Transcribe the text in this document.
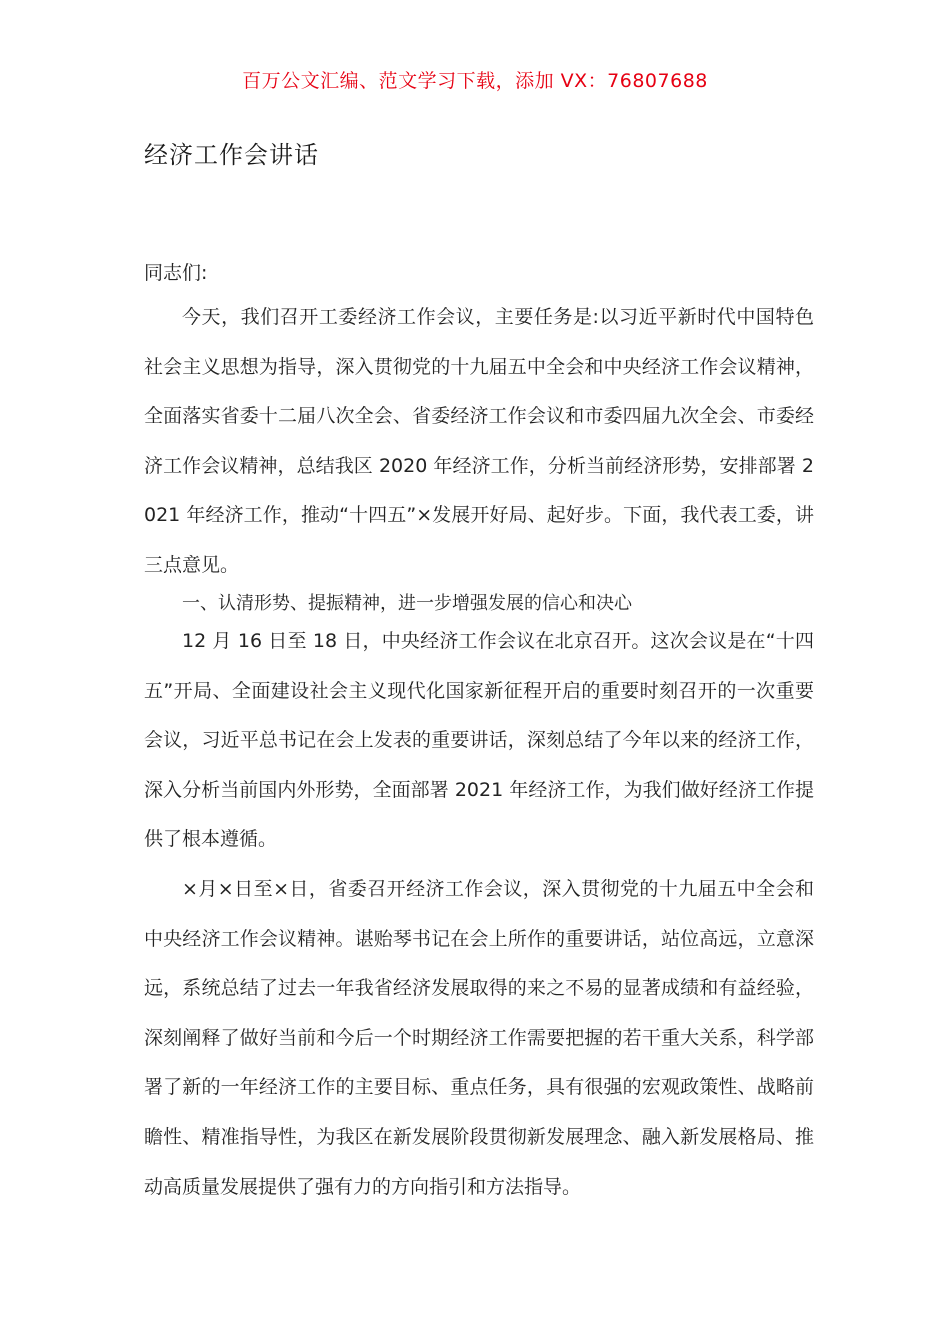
百万公文汇编、范文学习下载，添加 VX：76807688
经济工作会讲话
同志们:

今天，我们召开工委经济工作会议，主要任务是:以习近平新时代中国特色社会主义思想为指导，深入贯彻党的十九届五中全会和中央经济工作会议精神，全面落实省委十二届八次全会、省委经济工作会议和市委四届九次全会、市委经济工作会议精神，总结我区 2020 年经济工作，分析当前经济形势，安排部署 2021 年经济工作，推动“十四五”×发展开好局、起好步。下面，我代表工委，讲三点意见。

一、认清形势、提振精神，进一步增强发展的信心和决心

12 月 16 日至 18 日，中央经济工作会议在北京召开。这次会议是在“十四五”开局、全面建设社会主义现代化国家新征程开启的重要时刻召开的一次重要会议，习近平总书记在会上发表的重要讲话，深刻总结了今年以来的经济工作，深入分析当前国内外形势，全面部署 2021 年经济工作，为我们做好经济工作提供了根本遵循。

×月×日至×日，省委召开经济工作会议，深入贯彻党的十九届五中全会和中央经济工作会议精神。谌贻琴书记在会上所作的重要讲话，站位高远，立意深远，系统总结了过去一年我省经济发展取得的来之不易的显著成绩和有益经验，深刻阐释了做好当前和今后一个时期经济工作需要把握的若干重大关系，科学部署了新的一年经济工作的主要目标、重点任务，具有很强的宏观政策性、战略前瞻性、精准指导性，为我区在新发展阶段贯彻新发展理念、融入新发展格局、推动高质量发展提供了强有力的方向指引和方法指导。
